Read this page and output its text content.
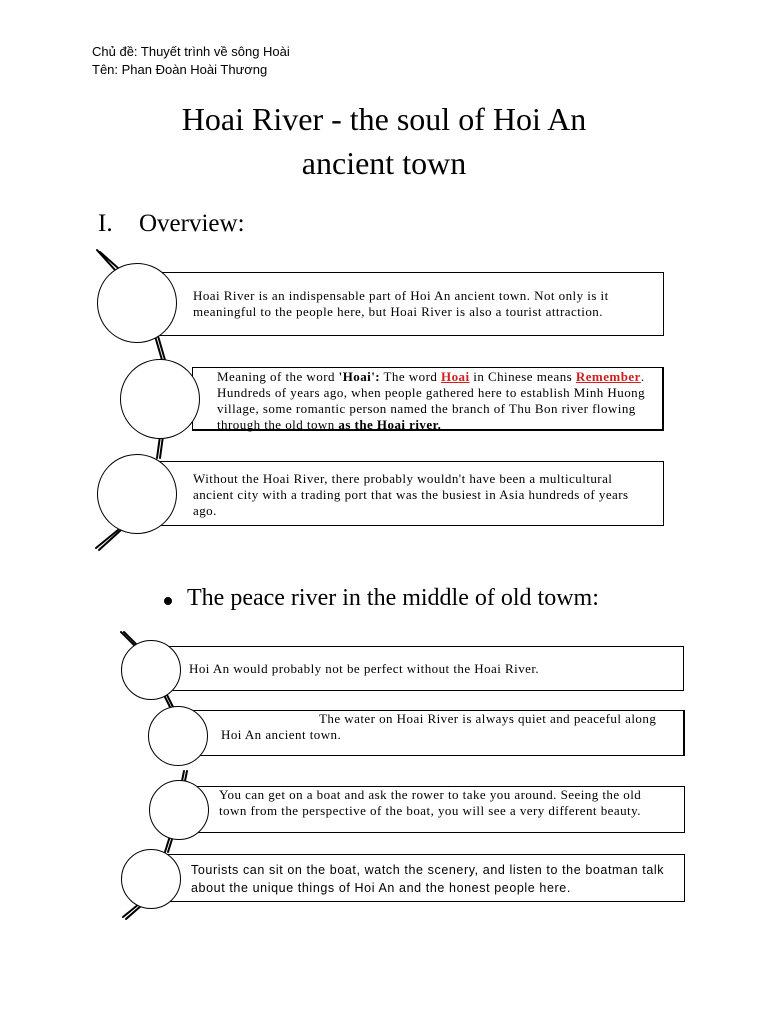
Chủ đề: Thuyết trình về sông Hoài
Tên: Phan Đoàn Hoài Thương
Hoai River - the soul of Hoi An
ancient town
I. Overview:
Hoai River is an indispensable part of Hoi An ancient town. Not only is it meaningful to the people here, but Hoai River is also a tourist attraction.
Meaning of the word 'Hoai': The word Hoai in Chinese means Remember. Hundreds of years ago, when people gathered here to establish Minh Huong village, some romantic person named the branch of Thu Bon river flowing through the old town as the Hoai river.
Without the Hoai River, there probably wouldn't have been a multicultural ancient city with a trading port that was the busiest in Asia hundreds of years ago.
The peace river in the middle of old towm:
Hoi An would probably not be perfect without the Hoai River.
The water on Hoai River is always quiet and peaceful along Hoi An ancient town.
You can get on a boat and ask the rower to take you around. Seeing the old town from the perspective of the boat, you will see a very different beauty.
Tourists can sit on the boat, watch the scenery, and listen to the boatman talk about the unique things of Hoi An and the honest people here.
